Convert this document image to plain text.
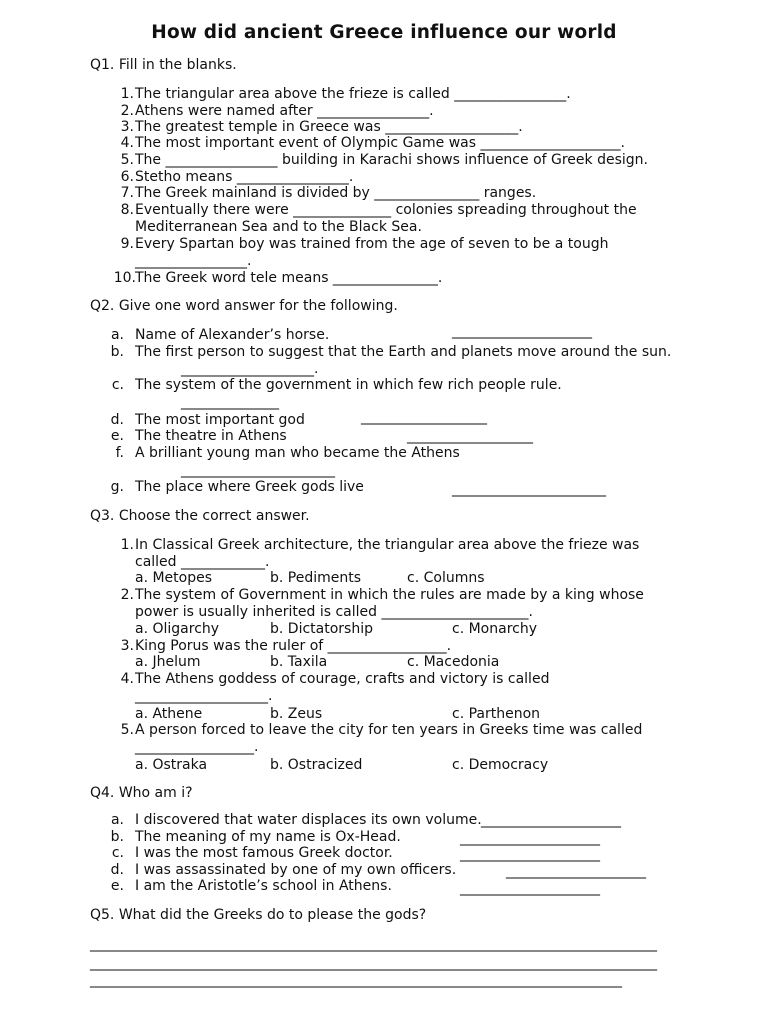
How did ancient Greece influence our world
Q1. Fill in the blanks.
1. The triangular area above the frieze is called ________________.
2. Athens were named after ________________.
3. The greatest temple in Greece was ___________________.
4. The most important event of Olympic Game was ____________________.
5. The ________________ building in Karachi shows influence of Greek design.
6. Stetho means ________________.
7. The Greek mainland is divided by _______________ ranges.
8. Eventually there were ______________ colonies spreading throughout the
Mediterranean Sea and to the Black Sea.
9. Every Spartan boy was trained from the age of seven to be a tough
________________.
10. The Greek word tele means _______________.
Q2. Give one word answer for the following.
a. Name of Alexander’s horse.	____________________
b. The first person to suggest that the Earth and planets move around the sun.
___________________.
c. The system of the government in which few rich people rule.
______________
d. The most important god	__________________
e. The theatre in Athens	__________________
f. A brilliant young man who became the Athens
______________________
g. The place where Greek gods live	______________________
Q3. Choose the correct answer.
1. In Classical Greek architecture, the triangular area above the frieze was
called ____________.
a. Metopes	b. Pediments	c. Columns
2. The system of Government in which the rules are made by a king whose
power is usually inherited is called _____________________.
a. Oligarchy	b. Dictatorship	c. Monarchy
3. King Porus was the ruler of _________________.
a. Jhelum	b. Taxila	c. Macedonia
4. The Athens goddess of courage, crafts and victory is called
___________________.
a. Athene	b. Zeus	c. Parthenon
5. A person forced to leave the city for ten years in Greeks time was called
_________________.
a. Ostraka	b. Ostracized	c. Democracy
Q4. Who am i?
a. I discovered that water displaces its own volume. ____________________
b. The meaning of my name is Ox-Head.	____________________
c. I was the most famous Greek doctor.	____________________
d. I was assassinated by one of my own officers.	____________________
e. I am the Aristotle’s school in Athens.	____________________
Q5. What did the Greeks do to please the gods?
_________________________________________________________________________________
_________________________________________________________________________________
____________________________________________________________________________
